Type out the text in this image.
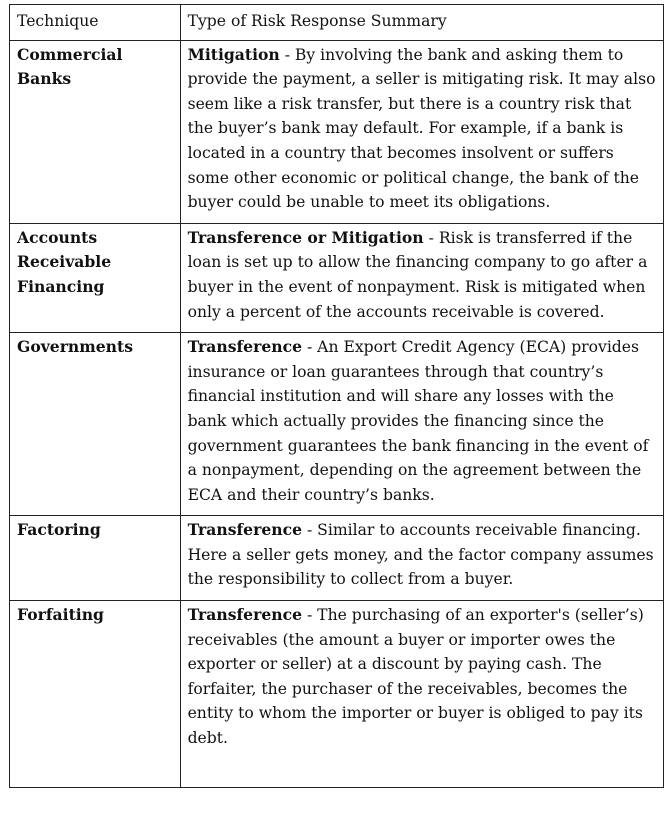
Technique	Type of Risk Response Summary
Commercial Banks	Mitigation - By involving the bank and asking them to provide the payment, a seller is mitigating risk. It may also seem like a risk transfer, but there is a country risk that the buyer’s bank may default. For example, if a bank is located in a country that becomes insolvent or suffers some other economic or political change, the bank of the buyer could be unable to meet its obligations.
Accounts Receivable Financing	Transference or Mitigation - Risk is transferred if the loan is set up to allow the financing company to go after a buyer in the event of nonpayment. Risk is mitigated when only a percent of the accounts receivable is covered.
Governments	Transference - An Export Credit Agency (ECA) provides insurance or loan guarantees through that country’s financial institution and will share any losses with the bank which actually provides the financing since the government guarantees the bank financing in the event of a nonpayment, depending on the agreement between the ECA and their country’s banks.
Factoring	Transference - Similar to accounts receivable financing. Here a seller gets money, and the factor company assumes the responsibility to collect from a buyer.
Forfaiting	Transference - The purchasing of an exporter's (seller’s) receivables (the amount a buyer or importer owes the exporter or seller) at a discount by paying cash. The forfaiter, the purchaser of the receivables, becomes the entity to whom the importer or buyer is obliged to pay its debt.
